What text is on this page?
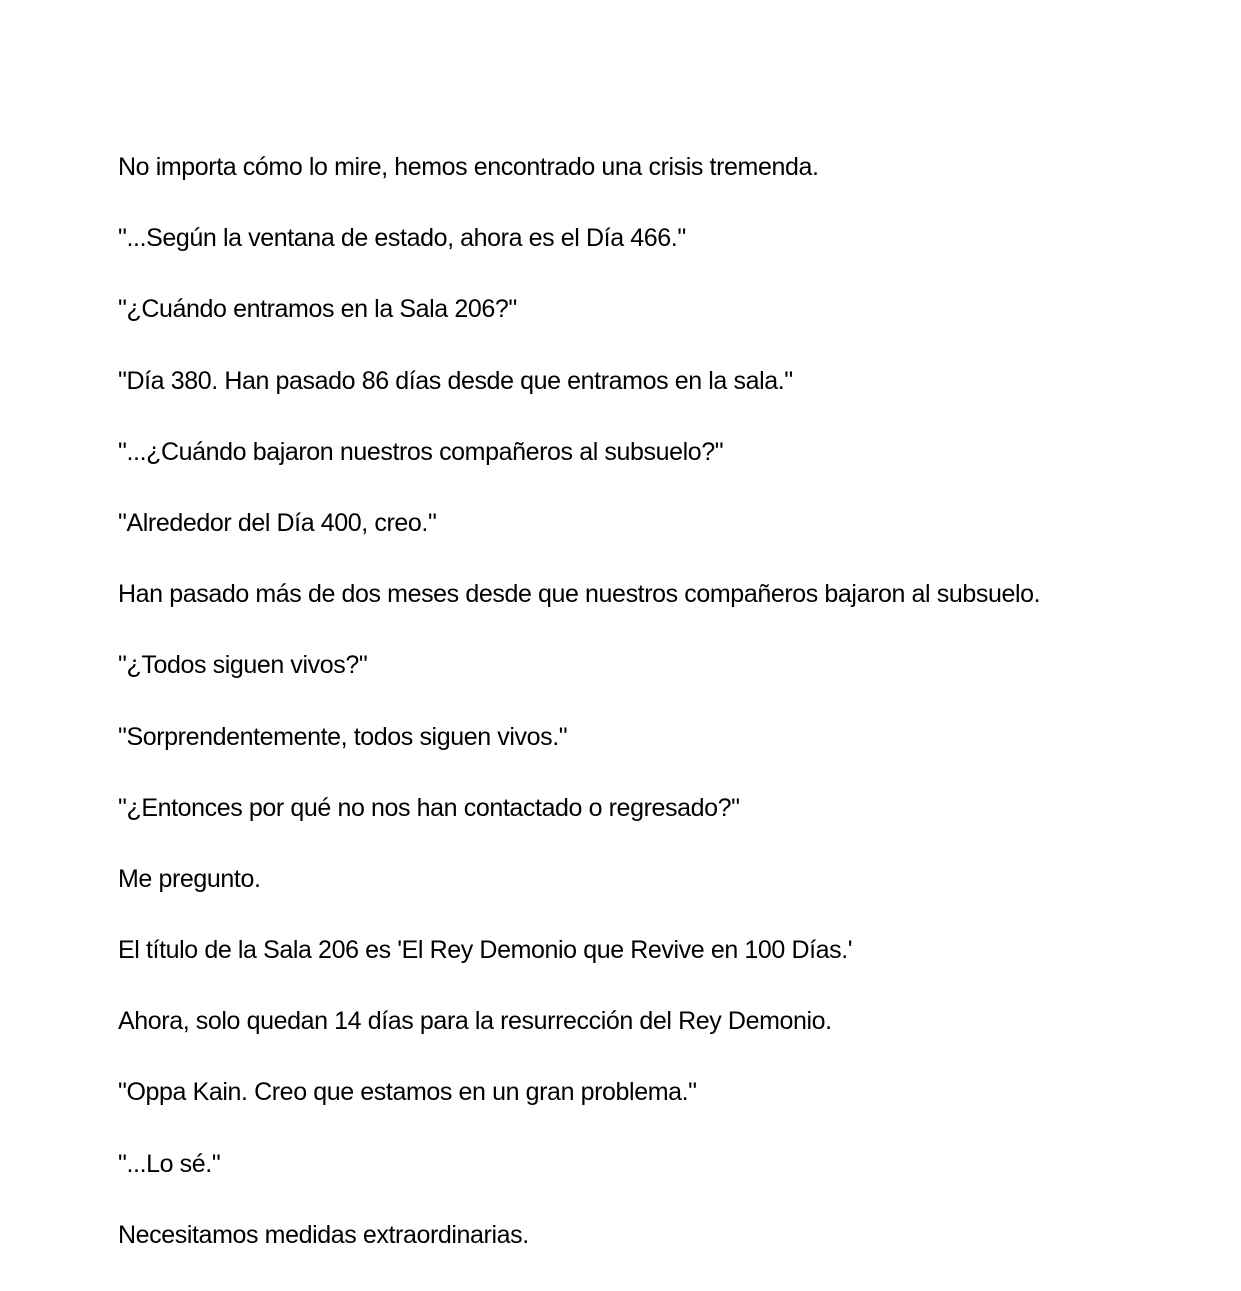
No importa cómo lo mire, hemos encontrado una crisis tremenda.

"...Según la ventana de estado, ahora es el Día 466."

"¿Cuándo entramos en la Sala 206?"

"Día 380. Han pasado 86 días desde que entramos en la sala."

"...¿Cuándo bajaron nuestros compañeros al subsuelo?"

"Alrededor del Día 400, creo."

Han pasado más de dos meses desde que nuestros compañeros bajaron al subsuelo.

"¿Todos siguen vivos?"

"Sorprendentemente, todos siguen vivos."

"¿Entonces por qué no nos han contactado o regresado?"

Me pregunto.

El título de la Sala 206 es 'El Rey Demonio que Revive en 100 Días.'

Ahora, solo quedan 14 días para la resurrección del Rey Demonio.

"Oppa Kain. Creo que estamos en un gran problema."

"...Lo sé."

Necesitamos medidas extraordinarias.
